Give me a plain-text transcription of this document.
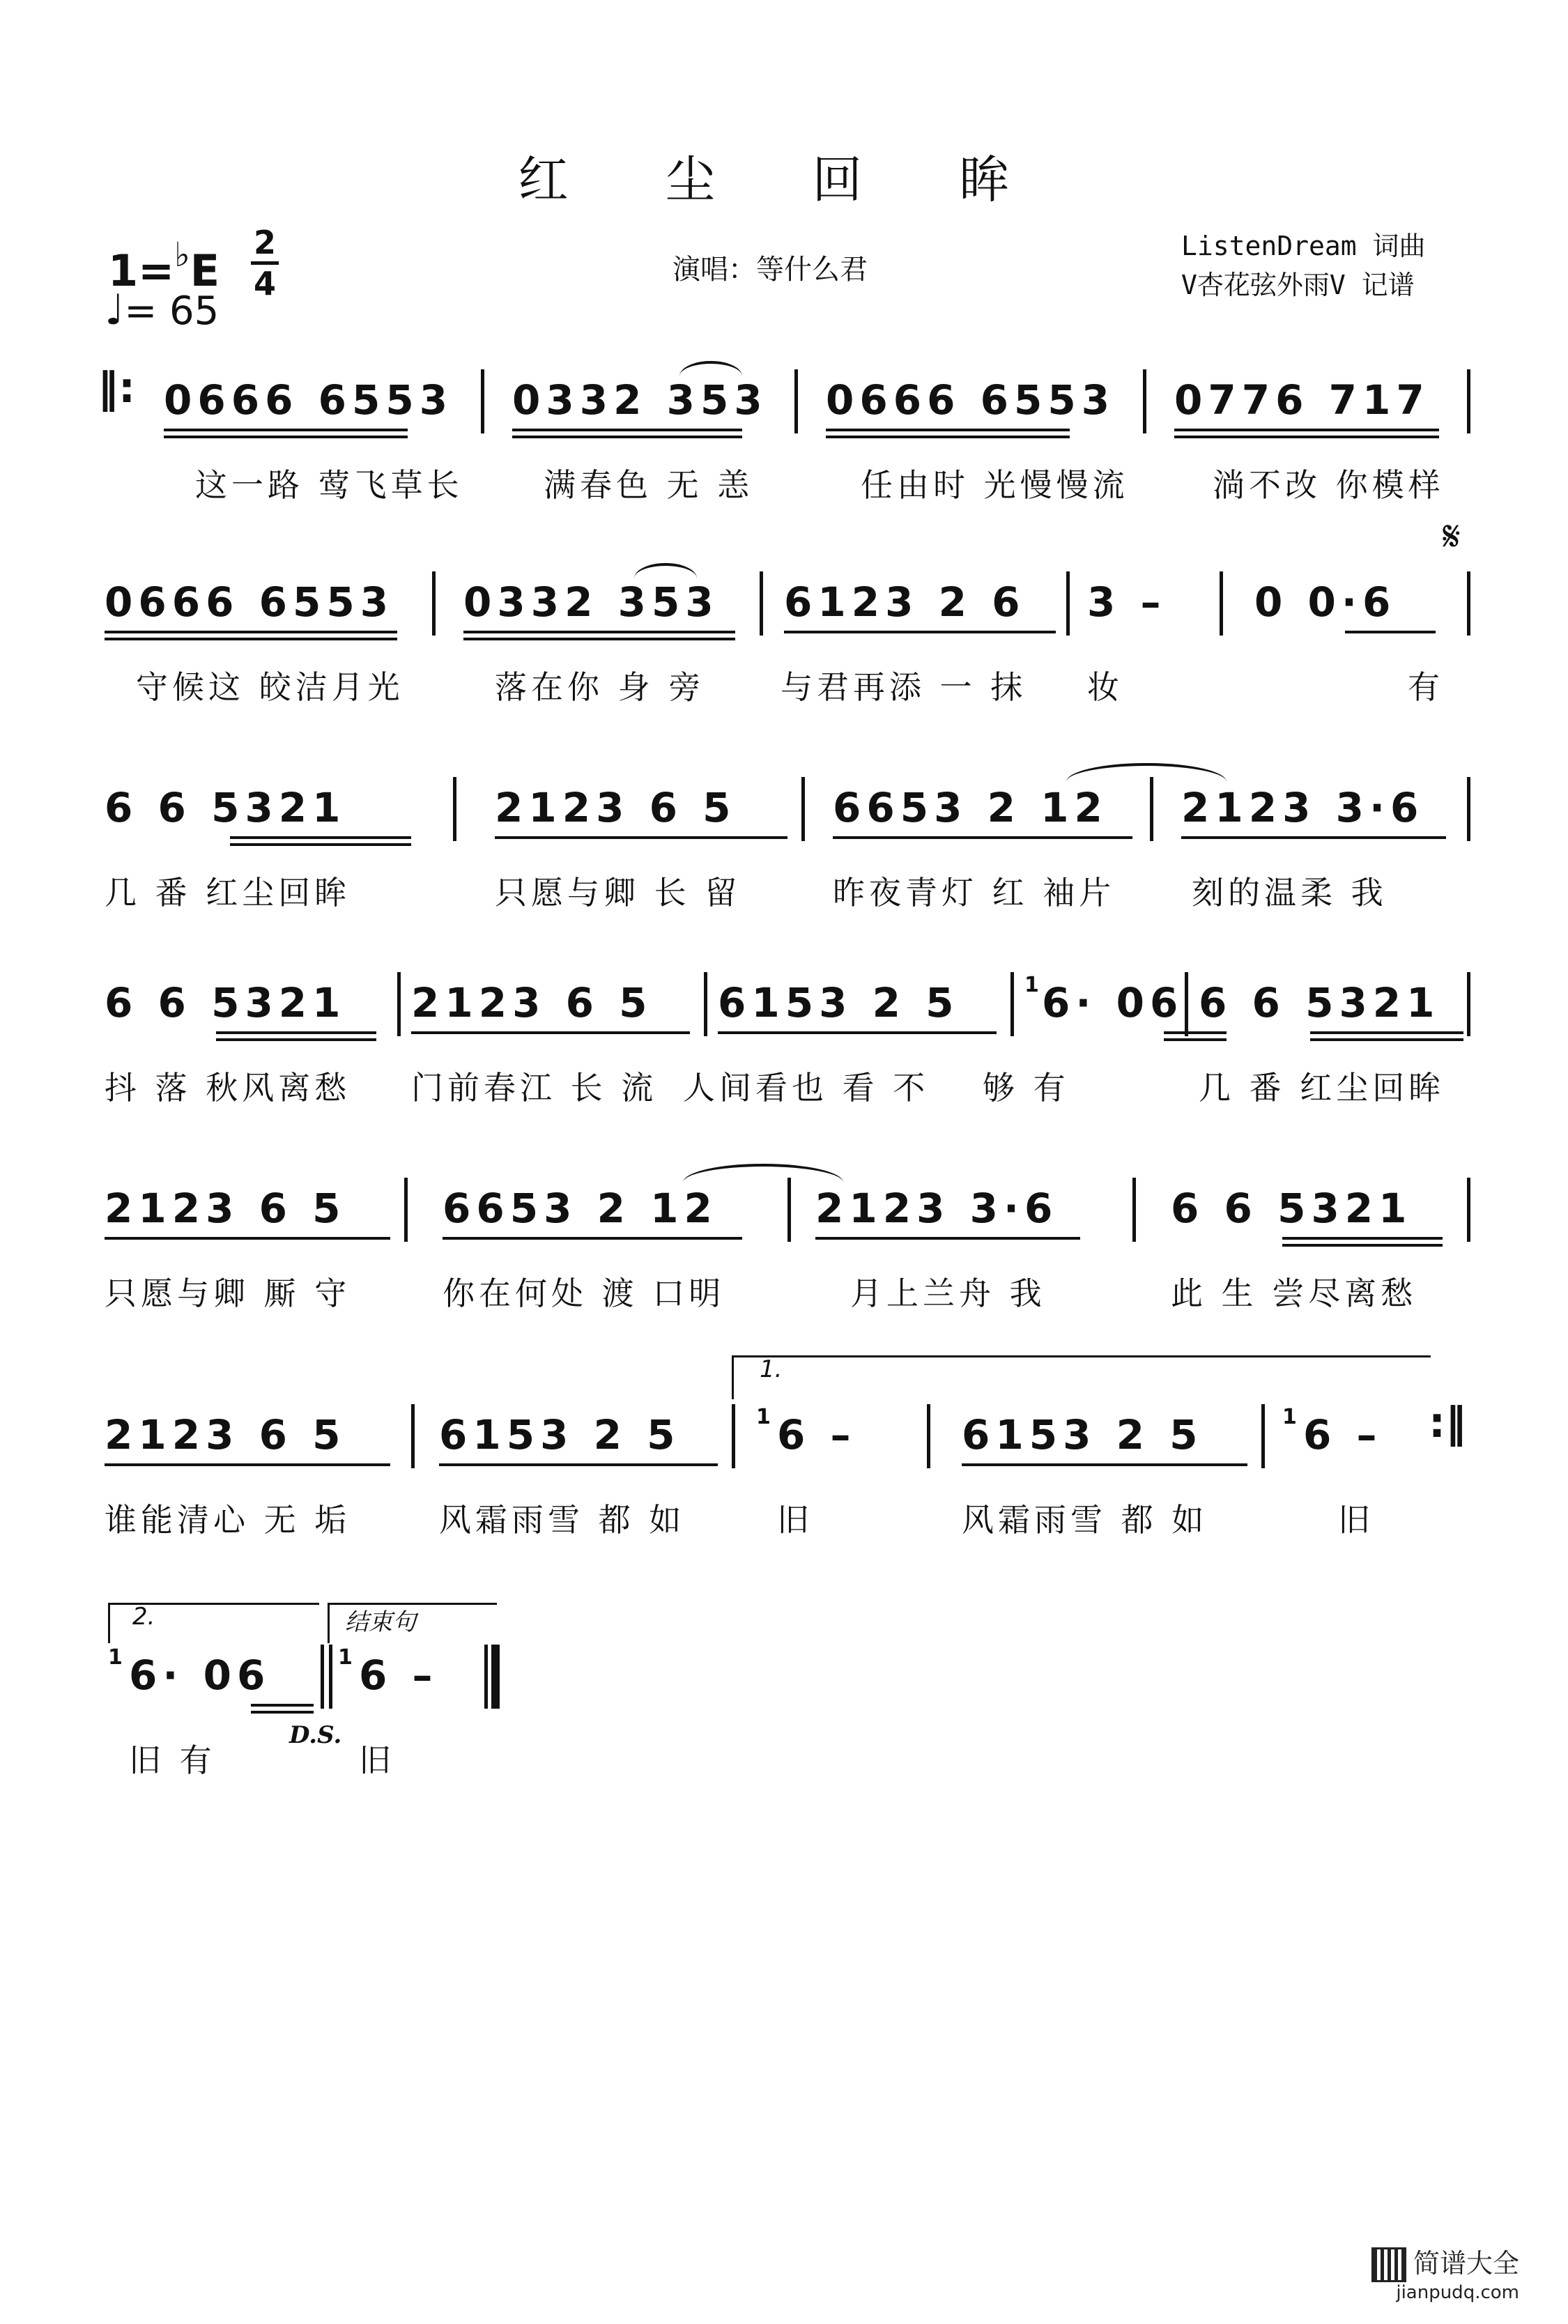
红 尘 回 眸
1=♭E
2
4
♩= 65
演唱：等什么君
ListenDream 词曲
V杏花弦外雨V 记谱
‖: 0666 6553 0332 353 0666 6553 0776 717
这一路 莺飞草长	满春色 无 恙	任由时 光慢慢流	淌不改 你模样
𝄋
0666 6553 0332 353 6123 2 6 3 – 0 0·6
守候这 皎洁月光	落在你 身 旁 与君再添 一 抹 妆	有
6 6 5321	2123 6 5 6653 2 12 2123 3·6
几 番 红尘回眸	只愿与卿 长 留	昨夜青灯 红 袖片 刻的温柔 我
6 6 5321 2123 6 5 6153 2 5	1 6· 06
抖 落 秋风离愁 门前春江 长 流 人间看也 看 不 够 有
6 6 5321
几 番 红尘回眸
2123 6 5 6653 2 12 2123 3·6	6 6 5321
只愿与卿 厮 守	你在何处 渡 口明	月上兰舟 我	此 生 尝尽离愁
1.
2123 6 5 6153 2 5	1 6 –	6153 2 5	1 6 – :‖
谁能清心 无 垢	风霜雨雪 都 如	旧	风霜雨雪 都 如	旧
2.	结束句
1 6· 06	1 6 –
旧 有
D.S.
旧
简谱大全
jianpudq.com
